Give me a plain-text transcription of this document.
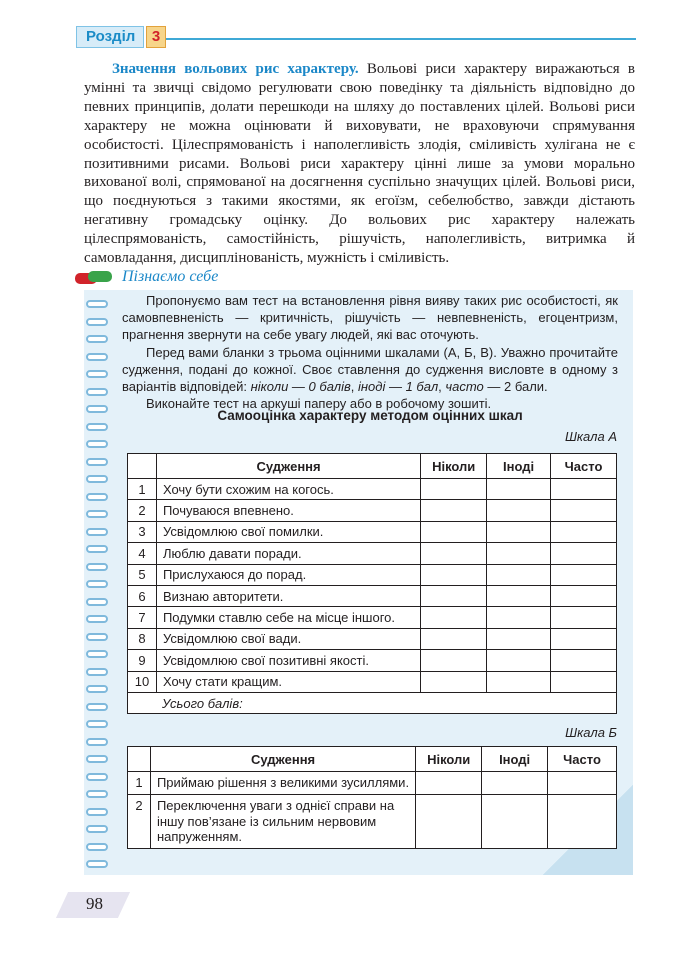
Розділ	3
Значення вольових рис характеру. Вольові риси характеру виражаються в умінні та звичці свідомо регулювати свою поведінку та діяльність відповідно до певних принципів, долати перешкоди на шляху до поставлених цілей. Вольові риси характеру не можна оцінювати й виховувати, не враховуючи спрямування особистості. Цілеспрямованість і наполегливість злодія, сміливість хулігана не є позитивними рисами. Вольові риси характеру цінні лише за умови морально вихованої волі, спрямованої на досягнення суспільно значущих цілей. Вольові риси, що поєднуються з такими якостями, як егоїзм, себелюбство, завжди дістають негативну громадську оцінку. До вольових рис характеру належать цілеспрямованість, самостійність, рішучість, наполегливість, витримка й самовладання, дисциплінованість, мужність і сміливість.
Пізнаємо себе

Пропонуємо вам тест на встановлення рівня вияву таких рис особистості, як самовпевненість — критичність, рішучість — невпевненість, егоцентризм, прагнення звернути на себе увагу людей, які вас оточують.

Перед вами бланки з трьома оцінними шкалами (А, Б, В). Уважно прочитайте судження, подані до кожної. Своє ставлення до судження висловте в одному з варіантів відповідей: ніколи — 0 балів, іноді — 1 бал, часто — 2 бали.

Виконайте тест на аркуші паперу або в робочому зошиті.

Самооцінка характеру методом оцінних шкал
Шкала А
	Судження	Ніколи	Іноді	Часто
1	Хочу бути схожим на когось.			
2	Почуваюся впевнено.			
3	Усвідомлюю свої помилки.			
4	Люблю давати поради.			
5	Прислухаюся до порад.			
6	Визнаю авторитети.			
7	Подумки ставлю себе на місце іншого.			
8	Усвідомлюю свої вади.			
9	Усвідомлюю свої позитивні якості.			
10	Хочу стати кращим.			
Усього балів:				
Шкала Б
	Судження	Ніколи	Іноді	Часто
1	Приймаю рішення з великими зусиллями.			
2	Переключення уваги з однієї справи на іншу пов’язане із сильним нервовим напруженням.			
98
